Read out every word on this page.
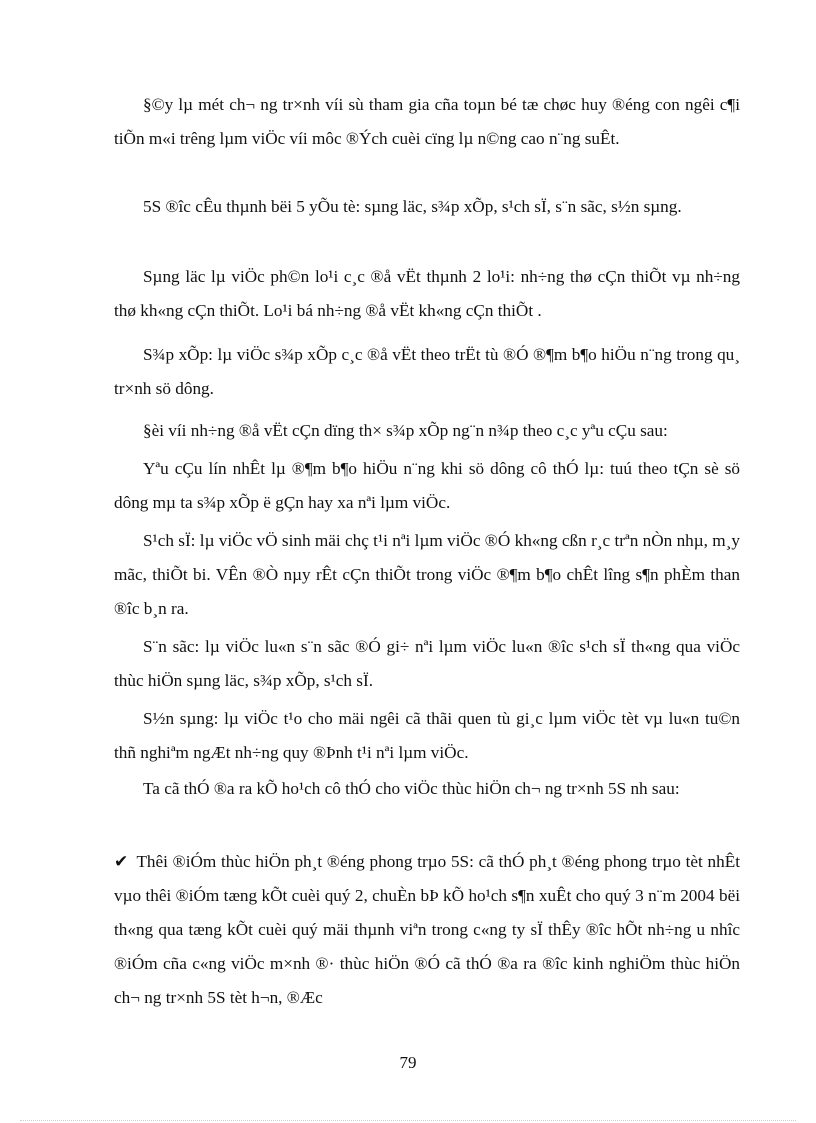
§©y lµ mét ch¬ ng tr×nh víi sù tham gia cña toµn bé tæ chøc huy ®éng con ngêi c¶i tiÕn m«i trêng lµm viÖc víi môc ®Ých cuèi cïng lµ n©ng cao n¨ng suÊt.

5S ®îc cÊu thµnh bëi 5 yÕu tè: sµng läc, s¾p xÕp, s¹ch sÏ, s¨n sãc, s½n sµng.

Sµng läc lµ viÖc ph©n lo¹i c¸c ®å vËt thµnh 2 lo¹i: nh÷ng thø cÇn thiÕt vµ nh÷ng thø kh«ng cÇn thiÕt. Lo¹i bá nh÷ng ®å vËt kh«ng cÇn thiÕt .

S¾p xÕp: lµ viÖc s¾p xÕp c¸c ®å vËt theo trËt tù ®Ó ®¶m b¶o hiÖu n¨ng trong qu¸ tr×nh sö dông.

§èi víi nh÷ng ®å vËt cÇn dïng th× s¾p xÕp ng¨n n¾p theo c¸c yªu cÇu sau:

Yªu cÇu lín nhÊt lµ ®¶m b¶o hiÖu n¨ng khi sö dông cô thÓ lµ: tuú theo tÇn sè sö dông mµ ta s¾p xÕp ë gÇn hay xa nªi lµm viÖc.

S¹ch sÏ: lµ viÖc vÖ sinh mäi chç t¹i nªi lµm viÖc ®Ó kh«ng cßn r¸c trªn nÒn nhµ, m¸y mãc, thiÕt bi. VÊn ®Ò nµy rÊt cÇn thiÕt trong viÖc ®¶m b¶o chÊt lîng s¶n phÈm than ®îc b¸n ra.

S¨n sãc: lµ viÖc lu«n s¨n sãc ®Ó gi÷ nªi lµm viÖc lu«n ®îc s¹ch sÏ th«ng qua viÖc thùc hiÖn sµng läc, s¾p xÕp, s¹ch sÏ.

S½n sµng: lµ viÖc t¹o cho mäi ngêi cã thãi quen tù gi¸c lµm viÖc tèt vµ lu«n tu©n thñ nghiªm ngÆt nh÷ng quy ®Þnh t¹i nªi lµm viÖc.

Ta cã thÓ ®a ra kÕ ho¹ch cô thÓ cho viÖc thùc hiÖn ch¬ ng tr×nh 5S nh sau:

✔ Thêi ®iÓm thùc hiÖn ph¸t ®éng phong trµo 5S: cã thÓ ph¸t ®éng phong trµo tèt nhÊt vµo thêi ®iÓm tæng kÕt cuèi quý 2, chuÈn bÞ kÕ ho¹ch s¶n xuÊt cho quý 3 n¨m 2004 bëi th«ng qua tæng kÕt cuèi quý mäi thµnh viªn trong c«ng ty sÏ thÊy ®îc hÕt nh÷ng u nhîc ®iÓm cña c«ng viÖc m×nh ®· thùc hiÖn ®Ó cã thÓ ®a ra ®îc kinh nghiÖm thùc hiÖn ch¬ ng tr×nh 5S tèt h¬n, ®Æc

79
